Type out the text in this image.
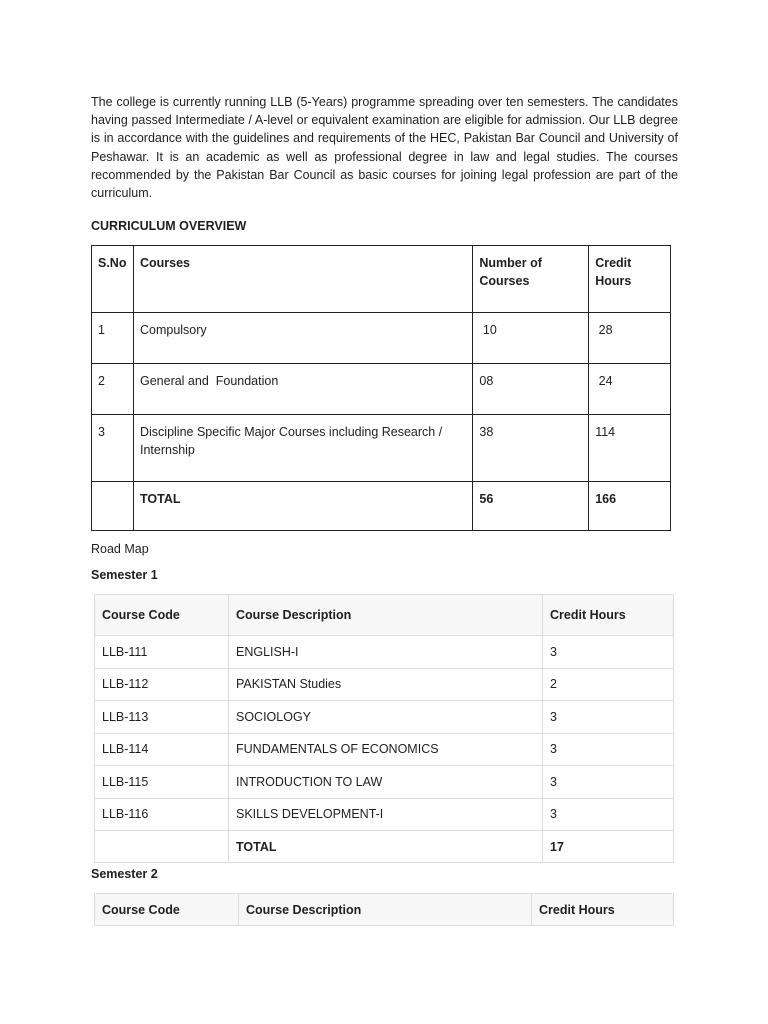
The college is currently running LLB (5-Years) programme spreading over ten semesters. The candidates having passed Intermediate / A-level or equivalent examination are eligible for admission. Our LLB degree is in accordance with the guidelines and requirements of the HEC, Pakistan Bar Council and University of Peshawar. It is an academic as well as professional degree in law and legal studies. The courses recommended by the Pakistan Bar Council as basic courses for joining legal profession are part of the curriculum.

CURRICULUM OVERVIEW

S.No	Courses	Number of Courses	Credit Hours

1	Compulsory	10	28
2	General and  Foundation	08	24
3	Discipline Specific Major Courses including Research / Internship	38	114
	TOTAL	56	166

Road Map

Semester 1

Course Code	Course Description	Credit Hours
LLB-111	ENGLISH-I	3
LLB-112	PAKISTAN Studies	2
LLB-113	SOCIOLOGY	3
LLB-114	FUNDAMENTALS OF ECONOMICS	3
LLB-115	INTRODUCTION TO LAW	3
LLB-116	SKILLS DEVELOPMENT-I	3
	TOTAL	17

Semester 2

Course Code	Course Description	Credit Hours
